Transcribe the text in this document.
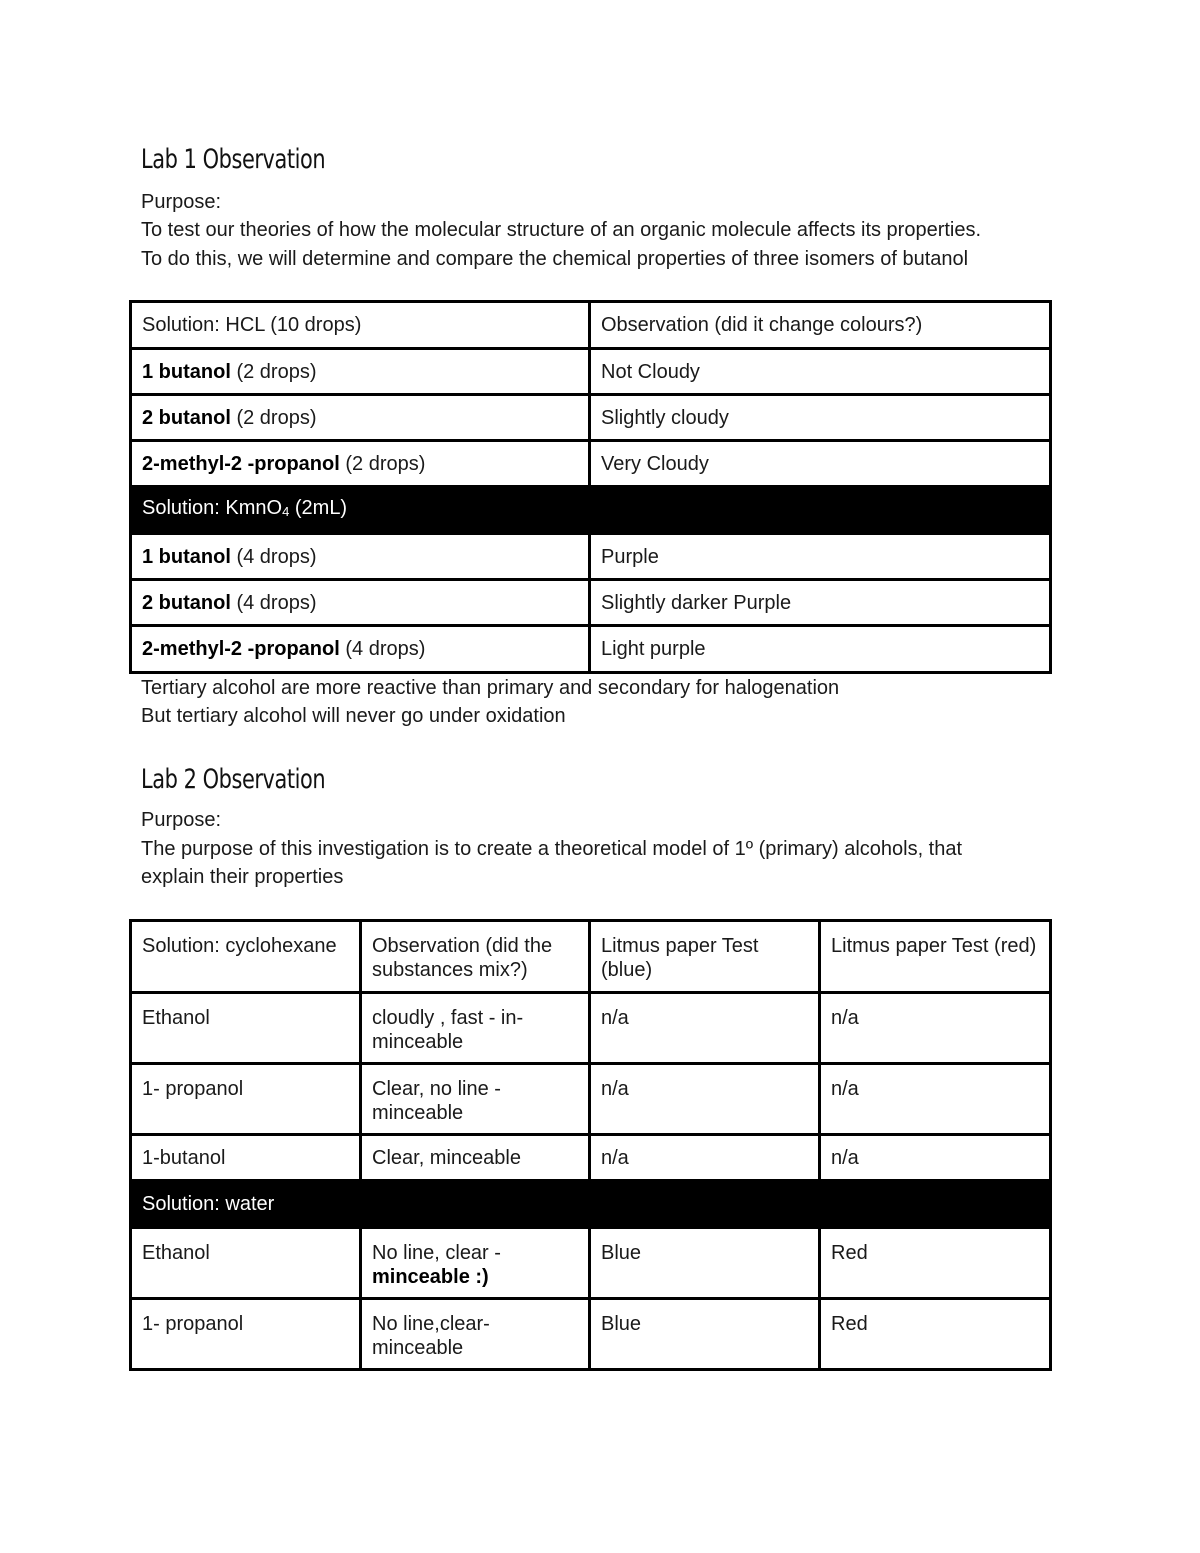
Lab 1 Observation
Purpose:
To test our theories of how the molecular structure of an organic molecule affects its properties.
To do this, we will determine and compare the chemical properties of three isomers of butanol
Solution: HCL (10 drops)	Observation (did it change colours?)
1 butanol (2 drops)	Not Cloudy
2 butanol (2 drops)	Slightly cloudy
2-methyl-2 -propanol (2 drops)	Very Cloudy
Solution: KmnO$_4$ (2mL)	
1 butanol (4 drops)	Purple
2 butanol (4 drops)	Slightly darker Purple
2-methyl-2 -propanol (4 drops)	Light purple
Tertiary alcohol are more reactive than primary and secondary for halogenation
But tertiary alcohol will never go under oxidation
Lab 2 Observation
Purpose:
The purpose of this investigation is to create a theoretical model of 1º (primary) alcohols, that
explain their properties
Solution: cyclohexane	Observation (did the substances mix?)	Litmus paper Test (blue)	Litmus paper Test (red)
Ethanol	cloudly , fast - in-minceable	n/a	n/a
1- propanol	Clear, no line - minceable	n/a	n/a
1-butanol	Clear, minceable	n/a	n/a
Solution: water			
Ethanol	No line, clear - minceable :)	Blue	Red
1- propanol	No line,clear- minceable	Blue	Red
